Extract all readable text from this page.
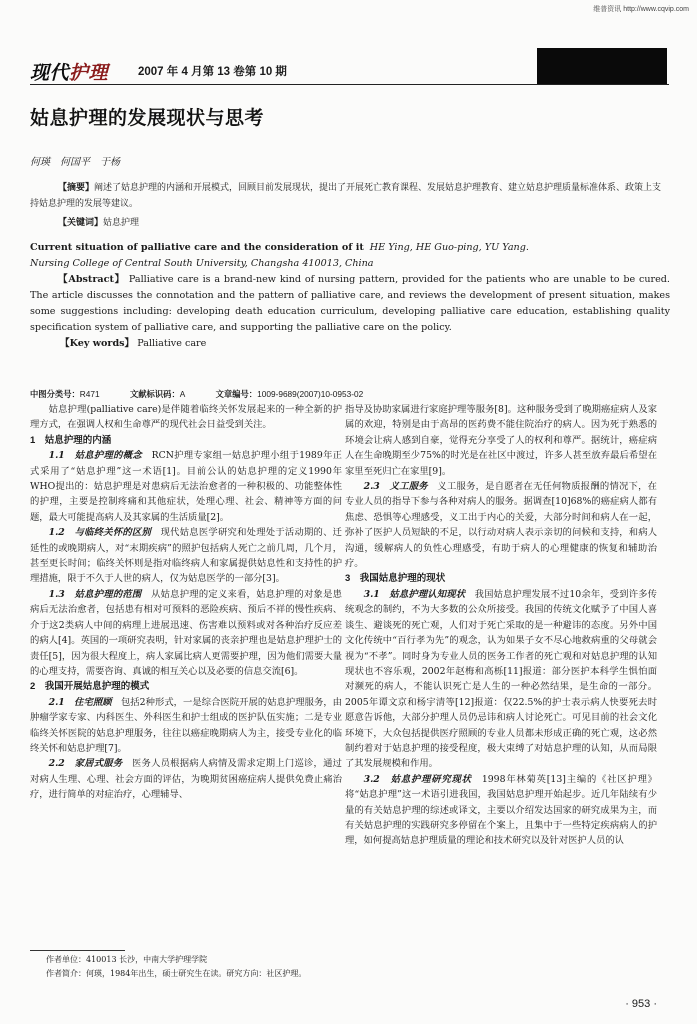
维普资讯 http://www.cqvip.com
现代护理	2007 年 4 月第 13 卷第 10 期
姑息护理的发展现状与思考
何瑛　何国平　于杨
【摘要】阐述了姑息护理的内涵和开展模式，回顾目前发展现状，提出了开展死亡教育课程、发展姑息护理教育、建立姑息护理质量标准体系、政策上支持姑息护理的发展等建议。
【关键词】姑息护理
Current situation of palliative care and the consideration of it HE Ying, HE Guo-ping, YU Yang.
Nursing College of Central South University, Changsha 410013, China
【Abstract】 Palliative care is a brand-new kind of nursing pattern, provided for the patients who are unable to be cured. The article discusses the connotation and the pattern of palliative care, and reviews the development of present situation, makes some suggestions including: developing death education curriculum, developing palliative care education, establishing quality specification system of palliative care, and supporting the palliative care on the policy.
【Key words】 Palliative care
中图分类号：R471	文献标识码：A	文章编号：1009-9689(2007)10-0953-02

姑息护理(palliative care)是伴随着临终关怀发展起来的一种全新的护理方式，在强调人权和生命尊严的现代社会日益受到关注。

1　姑息护理的内涵

1.1　姑息护理的概念　 RCN护理专家组一姑息护理小组于1989年正式采用了“姑息护理”这一术语[1]。目前公认的姑息护理的定义1990年WHO提出的：姑息护理是对患病后无法治愈者的一种积极的、功能整体性的护理，主要是控制疼痛和其他症状，处理心理、社会、精神等方面的问题，最大可能提高病人及其家属的生活质量[2]。

1.2　与临终关怀的区别　 现代姑息医学研究和处理处于活动期的、迁延性的或晚期病人，对“末期疾病”的照护包括病人死亡之前几周，几个月，甚至更长时间；临终关怀则是指对临终病人和家属提供姑息性和支持性的护理措施，限于不久于人世的病人，仅为姑息医学的一部分[3]。

1.3　姑息护理的范围　 从姑息护理的定义来看，姑息护理的对象是患病后无法治愈者，包括患有相对可预料的恶险疾病、预后不祥的慢性疾病、介于这2类病人中间的病理上进展迅速、伤害难以预料或对各种治疗反应差的病人[4]。英国的一项研究表明，针对家属的丧亲护理也是姑息护理护士的责任[5]，因为很大程度上，病人家属比病人更需要护理，因为他们需要大量的心理支持，需要咨询、真诚的相互关心以及必要的信息交流[6]。

2　我国开展姑息护理的模式

2.1　住宅照顾　 包括2种形式，一是综合医院开展的姑息护理服务，由肿瘤学家专家、内科医生、外科医生和护士组成的医护队伍实施；二是专业临终关怀医院的姑息护理服务，往往以癌症晚期病人为主，接受专业化的临终关怀和姑息护理[7]。

2.2　家居式服务　 医务人员根据病人病情及需求定期上门巡诊，通过对病人生理、心理、社会方面的评估，为晚期贫困癌症病人提供免费止痛治疗，进行简单的对症治疗，心理辅导、

作者单位：410013 长沙，中南大学护理学院

作者简介：何瑛，1984年出生，硕士研究生在读。研究方向：社区护理。

指导及协助家属进行家庭护理等服务[8]。这种服务受到了晚期癌症病人及家属的欢迎，特别是由于高昂的医药费不能住院治疗的病人。因为死于熟悉的环境会让病人感到自豪，觉得充分享受了人的权利和尊严。据统计，癌症病人在生命晚期至少75%的时光是在社区中渡过，许多人甚至放弃最后希望在家里至死归亡在家里[9]。

2.3　义工服务　 义工服务，是自愿者在无任何物质报酬的情况下，在专业人员的指导下参与各种对病人的服务。据调查[10]68%的癌症病人都有焦虑、恐惧等心理感受，义工出于内心的关爱，大部分时间和病人在一起，弥补了医护人员短缺的不足，以行动对病人表示亲切的问候和支持，和病人沟通，缓解病人的负性心理感受，有助于病人的心理健康的恢复和辅助治疗。

3　我国姑息护理的现状

3.1　姑息护理认知现状　 我国姑息护理发展不过10余年，受到许多传统观念的制约，不为大多数的公众所接受。我国的传统文化赋予了中国人喜谈生、避谈死的死亡观，人们对于死亡采取的是一种避讳的态度。另外中国文化传统中“百行孝为先”的观念，认为如果子女不尽心地救病重的父母就会视为“不孝”。同时身为专业人员的医务工作者的死亡观和对姑息护理的认知现状也不容乐观，2002年赵梅和高栎[11]报道：部分医护本科学生惧怕面对濒死的病人，不能认识死亡是人生的一种必然结果，是生命的一部分。2005年谭文京和杨宇清等[12]报道：仅22.5%的护士表示病人快要死去时愿意告诉他，大部分护理人员仍忌讳和病人讨论死亡。可见目前的社会文化环境下，大众包括提供医疗照顾的专业人员都未形成正确的死亡观，这必然制约着对于姑息护理的接受程度，极大束缚了对姑息护理的认知，从而局限了其发展规模和作用。

3.2　姑息护理研究现状　 1998年林菊英[13]主编的《社区护理》将“姑息护理”这一术语引进我国，我国姑息护理开始起步。近几年陆续有少量的有关姑息护理的综述或译文，主要以介绍发达国家的研究成果为主，而有关姑息护理的实践研究多停留在个案上，且集中于一些特定疾病病人的护理，如何提高姑息护理质量的理论和技术研究以及针对医护人员的认

· 953 ·
